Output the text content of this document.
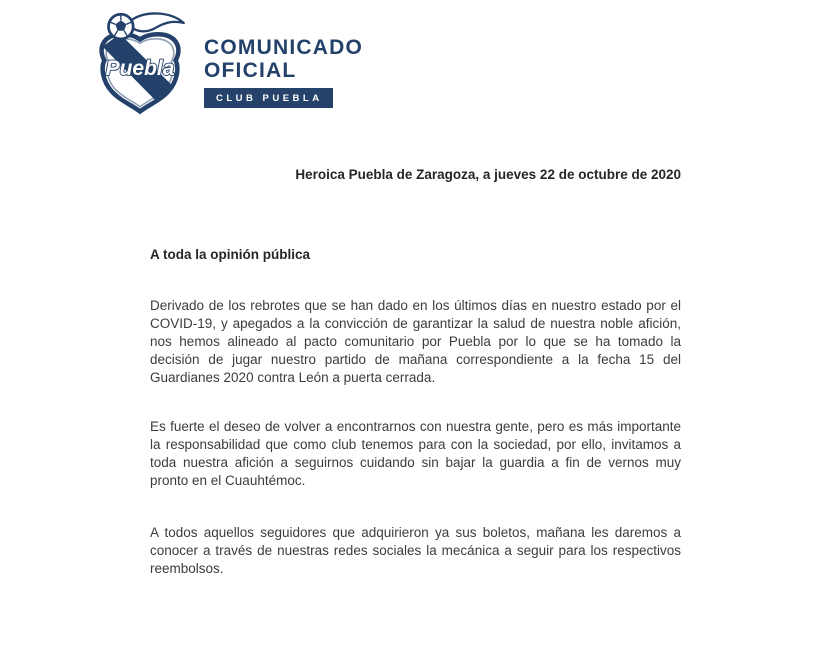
Puebla
COMUNICADO
OFICIAL
CLUB PUEBLA
Heroica Puebla de Zaragoza, a jueves 22 de octubre de 2020
A toda la opinión pública

Derivado de los rebrotes que se han dado en los últimos días en nuestro estado por el COVID-19, y apegados a la convicción de garantizar la salud de nuestra noble afición, nos hemos alineado al pacto comunitario por Puebla por lo que se ha tomado la decisión de jugar nuestro partido de mañana correspondiente a la fecha 15 del Guardianes 2020 contra León a puerta cerrada.

Es fuerte el deseo de volver a encontrarnos con nuestra gente, pero es más importante la responsabilidad que como club tenemos para con la sociedad, por ello, invitamos a toda nuestra afición a seguirnos cuidando sin bajar la guardia a fin de vernos muy pronto en el Cuauhtémoc.

A todos aquellos seguidores que adquirieron ya sus boletos, mañana les daremos a conocer a través de nuestras redes sociales la mecánica a seguir para los respectivos reembolsos.
